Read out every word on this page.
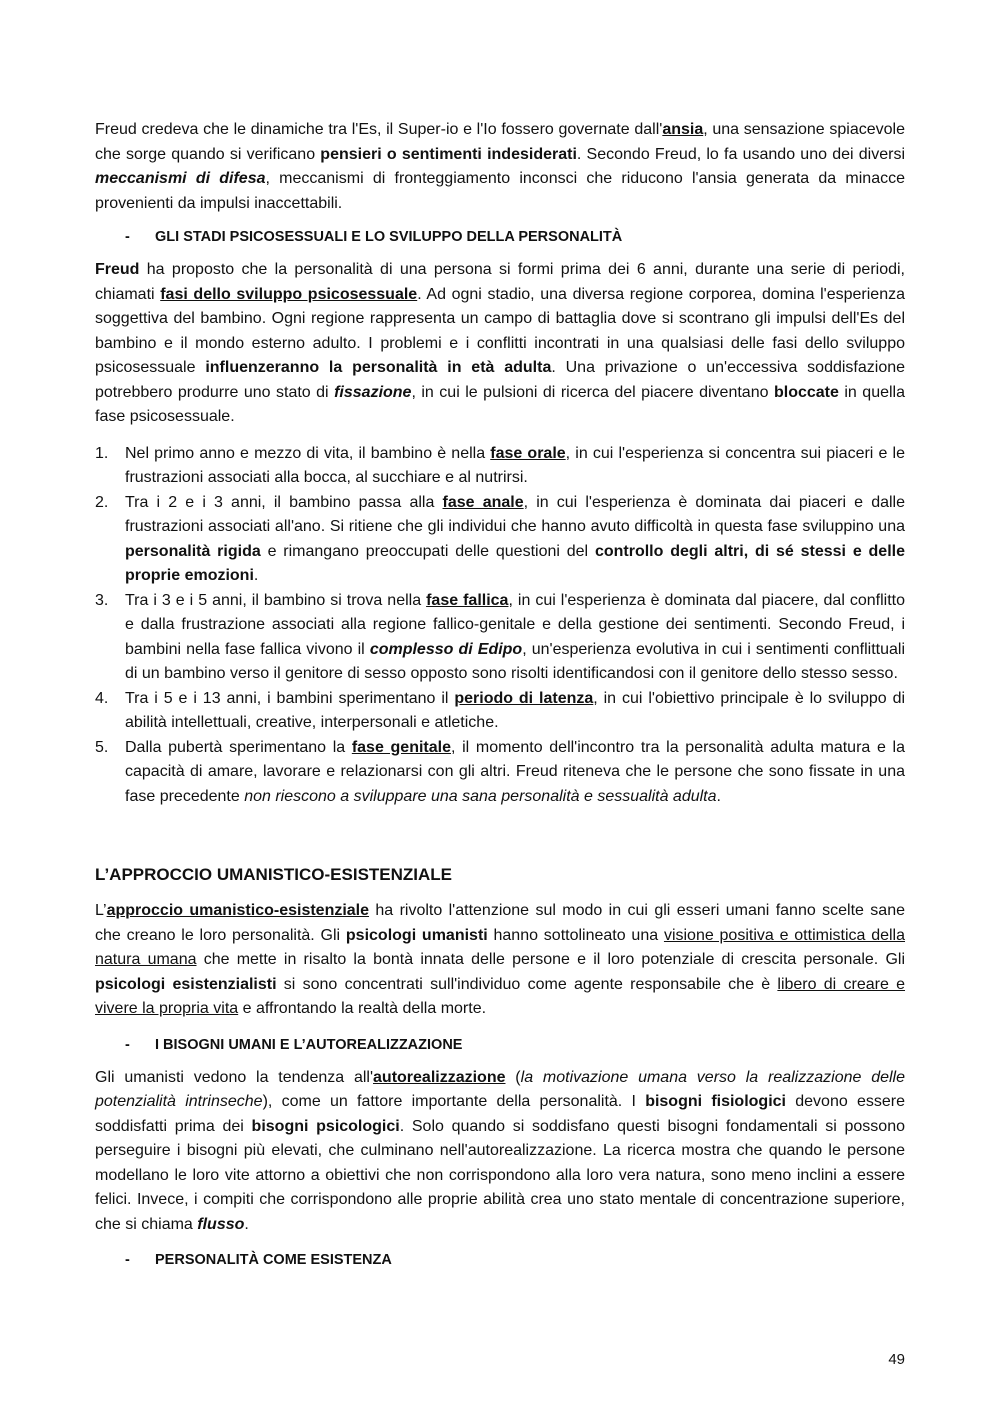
Freud credeva che le dinamiche tra l'Es, il Super-io e l'Io fossero governate dall'ansia, una sensazione spiacevole che sorge quando si verificano pensieri o sentimenti indesiderati. Secondo Freud, lo fa usando uno dei diversi meccanismi di difesa, meccanismi di fronteggiamento inconsci che riducono l'ansia generata da minacce provenienti da impulsi inaccettabili.

-	GLI STADI PSICOSESSUALI E LO SVILUPPO DELLA PERSONALITÀ

Freud ha proposto che la personalità di una persona si formi prima dei 6 anni, durante una serie di periodi, chiamati fasi dello sviluppo psicosessuale. Ad ogni stadio, una diversa regione corporea, domina l'esperienza soggettiva del bambino. Ogni regione rappresenta un campo di battaglia dove si scontrano gli impulsi dell'Es del bambino e il mondo esterno adulto. I problemi e i conflitti incontrati in una qualsiasi delle fasi dello sviluppo psicosessuale influenzeranno la personalità in età adulta. Una privazione o un'eccessiva soddisfazione potrebbero produrre uno stato di fissazione, in cui le pulsioni di ricerca del piacere diventano bloccate in quella fase psicosessuale.

1.	Nel primo anno e mezzo di vita, il bambino è nella fase orale, in cui l'esperienza si concentra sui piaceri e le frustrazioni associati alla bocca, al succhiare e al nutrirsi.
2.	Tra i 2 e i 3 anni, il bambino passa alla fase anale, in cui l'esperienza è dominata dai piaceri e dalle frustrazioni associati all'ano. Si ritiene che gli individui che hanno avuto difficoltà in questa fase sviluppino una personalità rigida e rimangano preoccupati delle questioni del controllo degli altri, di sé stessi e delle proprie emozioni.
3.	Tra i 3 e i 5 anni, il bambino si trova nella fase fallica, in cui l'esperienza è dominata dal piacere, dal conflitto e dalla frustrazione associati alla regione fallico-genitale e della gestione dei sentimenti. Secondo Freud, i bambini nella fase fallica vivono il complesso di Edipo, un'esperienza evolutiva in cui i sentimenti conflittuali di un bambino verso il genitore di sesso opposto sono risolti identificandosi con il genitore dello stesso sesso.
4.	Tra i 5 e i 13 anni, i bambini sperimentano il periodo di latenza, in cui l'obiettivo principale è lo sviluppo di abilità intellettuali, creative, interpersonali e atletiche.
5.	Dalla pubertà sperimentano la fase genitale, il momento dell'incontro tra la personalità adulta matura e la capacità di amare, lavorare e relazionarsi con gli altri. Freud riteneva che le persone che sono fissate in una fase precedente non riescono a sviluppare una sana personalità e sessualità adulta.
L’APPROCCIO UMANISTICO-ESISTENZIALE

L’approccio umanistico-esistenziale ha rivolto l'attenzione sul modo in cui gli esseri umani fanno scelte sane che creano le loro personalità. Gli psicologi umanisti hanno sottolineato una visione positiva e ottimistica della natura umana che mette in risalto la bontà innata delle persone e il loro potenziale di crescita personale. Gli psicologi esistenzialisti si sono concentrati sull'individuo come agente responsabile che è libero di creare e vivere la propria vita e affrontando la realtà della morte.

-	I BISOGNI UMANI E L’AUTOREALIZZAZIONE

Gli umanisti vedono la tendenza all'autorealizzazione (la motivazione umana verso la realizzazione delle potenzialità intrinseche), come un fattore importante della personalità. I bisogni fisiologici devono essere soddisfatti prima dei bisogni psicologici. Solo quando si soddisfano questi bisogni fondamentali si possono perseguire i bisogni più elevati, che culminano nell'autorealizzazione. La ricerca mostra che quando le persone modellano le loro vite attorno a obiettivi che non corrispondono alla loro vera natura, sono meno inclini a essere felici. Invece, i compiti che corrispondono alle proprie abilità crea uno stato mentale di concentrazione superiore, che si chiama flusso.

-	PERSONALITÀ COME ESISTENZA
49
